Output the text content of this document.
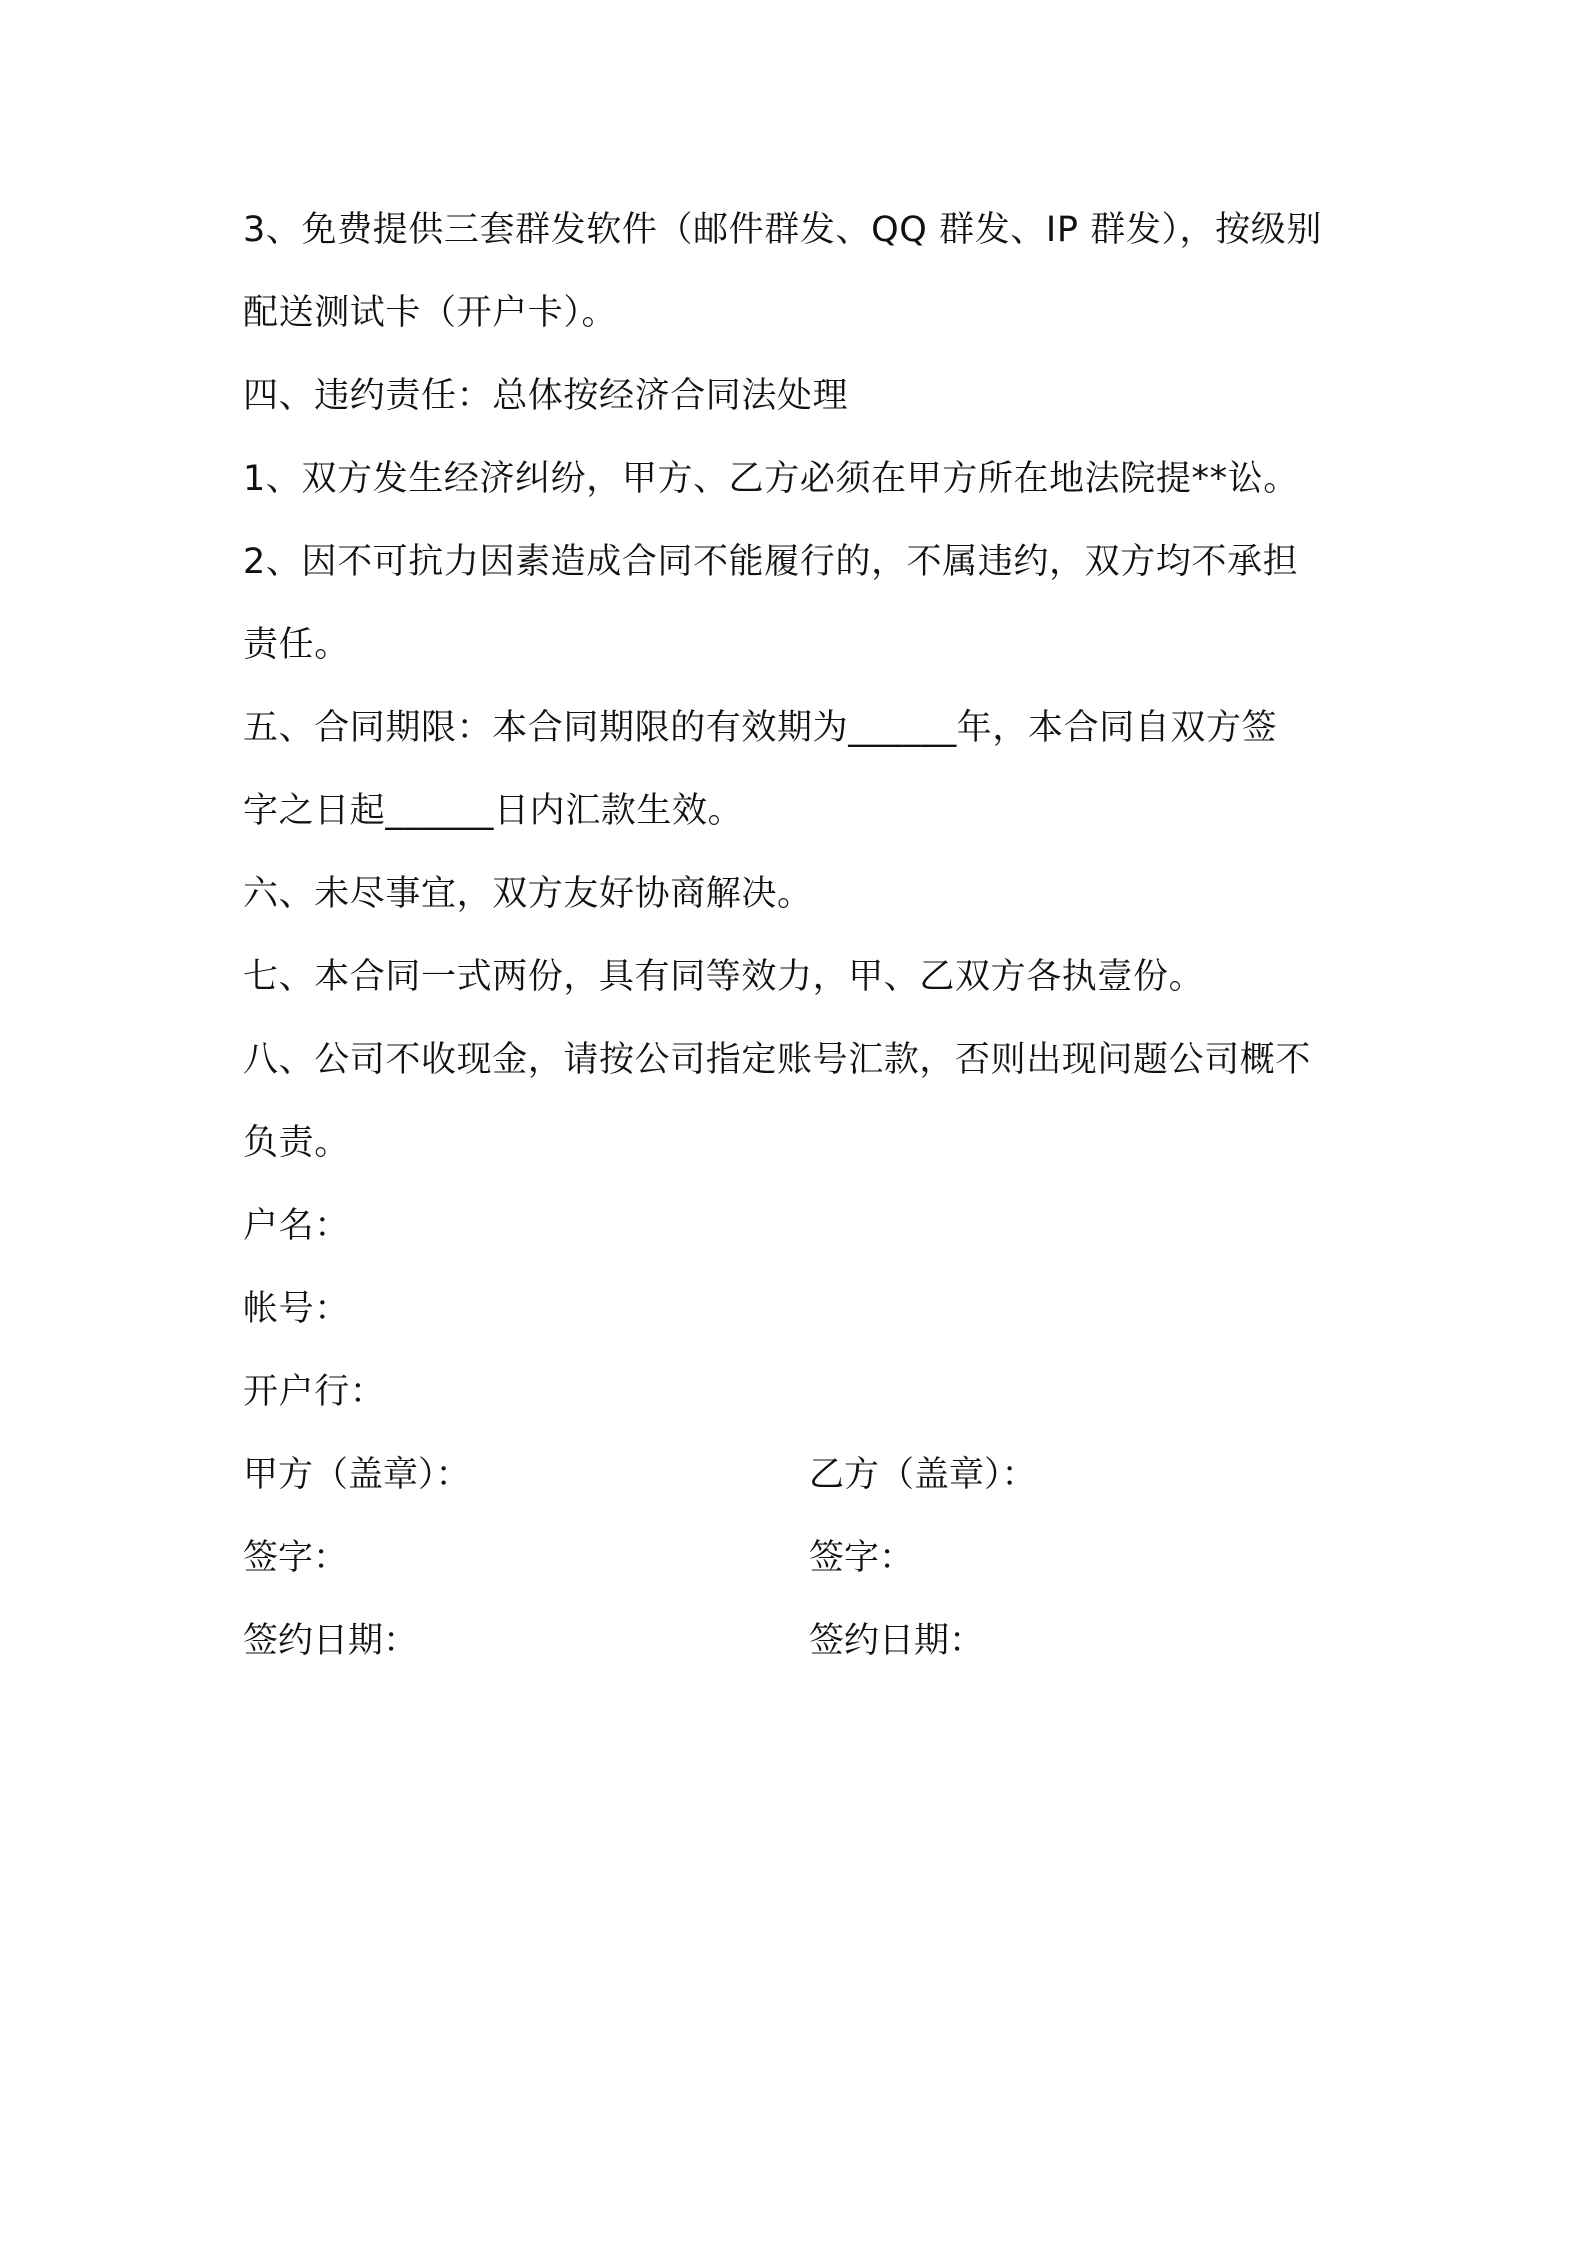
3、免费提供三套群发软件（邮件群发、QQ 群发、IP 群发），按级别
配送测试卡（开户卡）。
四、违约责任：总体按经济合同法处理
1、双方发生经济纠纷，甲方、乙方必须在甲方所在地法院提**讼。
2、因不可抗力因素造成合同不能履行的，不属违约，双方均不承担
责任。
五、合同期限：本合同期限的有效期为______年，本合同自双方签
字之日起______日内汇款生效。
六、未尽事宜，双方友好协商解决。
七、本合同一式两份，具有同等效力，甲、乙双方各执壹份。
八、公司不收现金，请按公司指定账号汇款，否则出现问题公司概不
负责。
户名：
帐号：
开户行：
甲方（盖章）：	乙方（盖章）：
签字：	签字：
签约日期：	签约日期：
